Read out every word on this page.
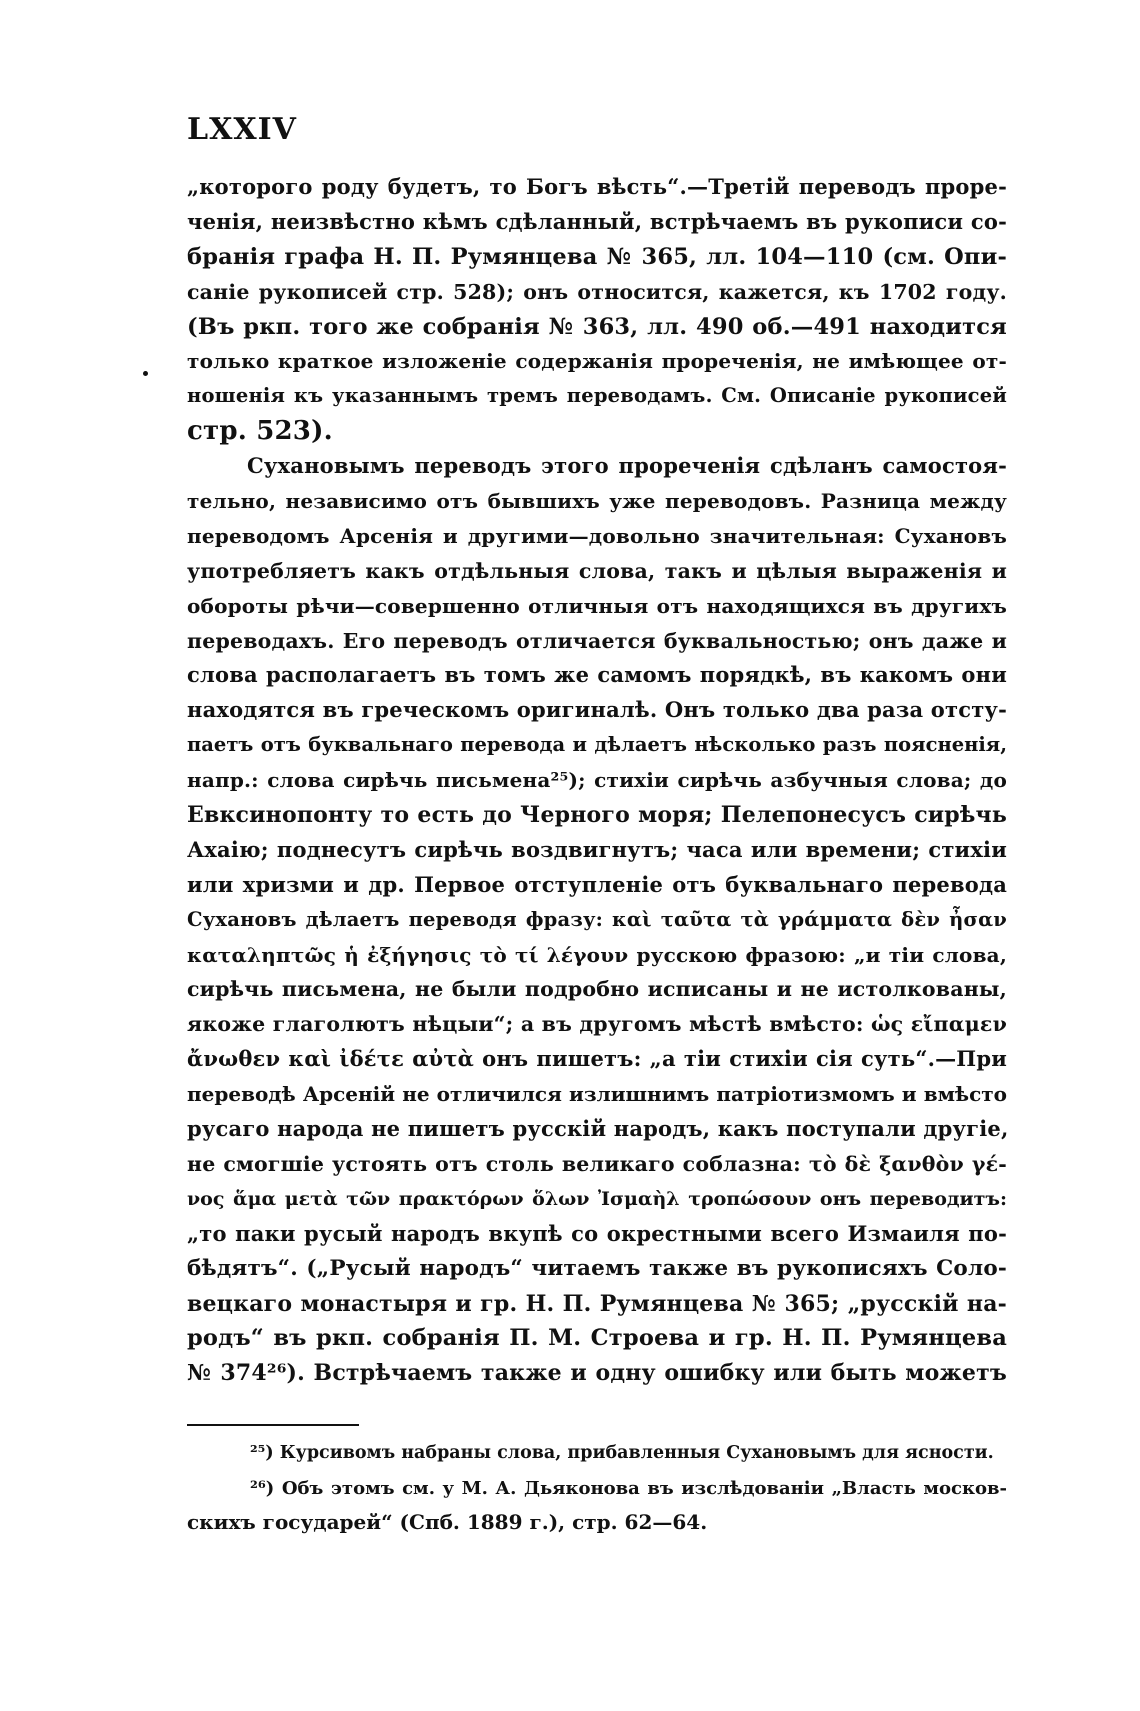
LXXIV
„которого роду будетъ, то Богъ вѣсть“.—Третій переводъ проре-
ченія, неизвѣстно кѣмъ сдѣланный, встрѣчаемъ въ рукописи со-
бранія графа Н. П. Румянцева № 365, лл. 104—110 (см. Опи-
саніе рукописей стр. 528); онъ относится, кажется, къ 1702 году.
(Въ ркп. того же собранія № 363, лл. 490 об.—491 находится
только краткое изложеніе содержанія прореченія, не имѣющее от-
ношенія къ указаннымъ тремъ переводамъ. См. Описаніе рукописей
стр. 523).
Сухановымъ переводъ этого прореченія сдѣланъ самостоя-
тельно, независимо отъ бывшихъ уже переводовъ. Разница между
переводомъ Арсенія и другими—довольно значительная: Сухановъ
употребляетъ какъ отдѣльныя слова, такъ и цѣлыя выраженія и
обороты рѣчи—совершенно отличныя отъ находящихся въ другихъ
переводахъ. Его переводъ отличается буквальностью; онъ даже и
слова располагаетъ въ томъ же самомъ порядкѣ, въ какомъ они
находятся въ греческомъ оригиналѣ. Онъ только два раза отсту-
паетъ отъ буквальнаго перевода и дѣлаетъ нѣсколько разъ поясненія,
напр.: слова сирѣчь письмена²⁵); стихіи сирѣчь азбучныя слова; до
Евксинопонту то есть до Черного моря; Пелепонесусъ сирѣчь
Ахаію; поднесутъ сирѣчь воздвигнутъ; часа или времени; стихіи
или хризми и др. Первое отступленіе отъ буквальнаго перевода
Сухановъ дѣлаетъ переводя фразу: καὶ ταῦτα τὰ γράμματα δὲν ἦσαν
καταληπτῶς ἡ ἐξήγησις τὸ τί λέγουν русскою фразою: „и тіи слова,
сирѣчь письмена, не были подробно исписаны и не истолкованы,
якоже глаголютъ нѣцыи“; а въ другомъ мѣстѣ вмѣсто: ὡς εἴπαμεν
ἄνωθεν καὶ ἰδέτε αὐτὰ онъ пишетъ: „а тіи стихіи сія суть“.—При
переводѣ Арсеній не отличился излишнимъ патріотизмомъ и вмѣсто
русаго народа не пишетъ русскій народъ, какъ поступали другіе,
не смогшіе устоять отъ столь великаго соблазна: τὸ δὲ ξανθὸν γέ-
νος ἅμα μετὰ τῶν πρακτόρων ὅλων Ἰσμαὴλ τροπώσουν онъ переводитъ:
„то паки русый народъ вкупѣ со окрестными всего Измаиля по-
бѣдятъ“. („Русый народъ“ читаемъ также въ рукописяхъ Соло-
вецкаго монастыря и гр. Н. П. Румянцева № 365; „русскій на-
родъ“ въ ркп. собранія П. М. Строева и гр. Н. П. Румянцева
№ 374²⁶). Встрѣчаемъ также и одну ошибку или быть можетъ
²⁵) Курсивомъ набраны слова, прибавленныя Сухановымъ для ясности.
²⁶) Объ этомъ см. у М. А. Дьяконова въ изслѣдованіи „Власть москов-
скихъ государей“ (Спб. 1889 г.), стр. 62—64.
